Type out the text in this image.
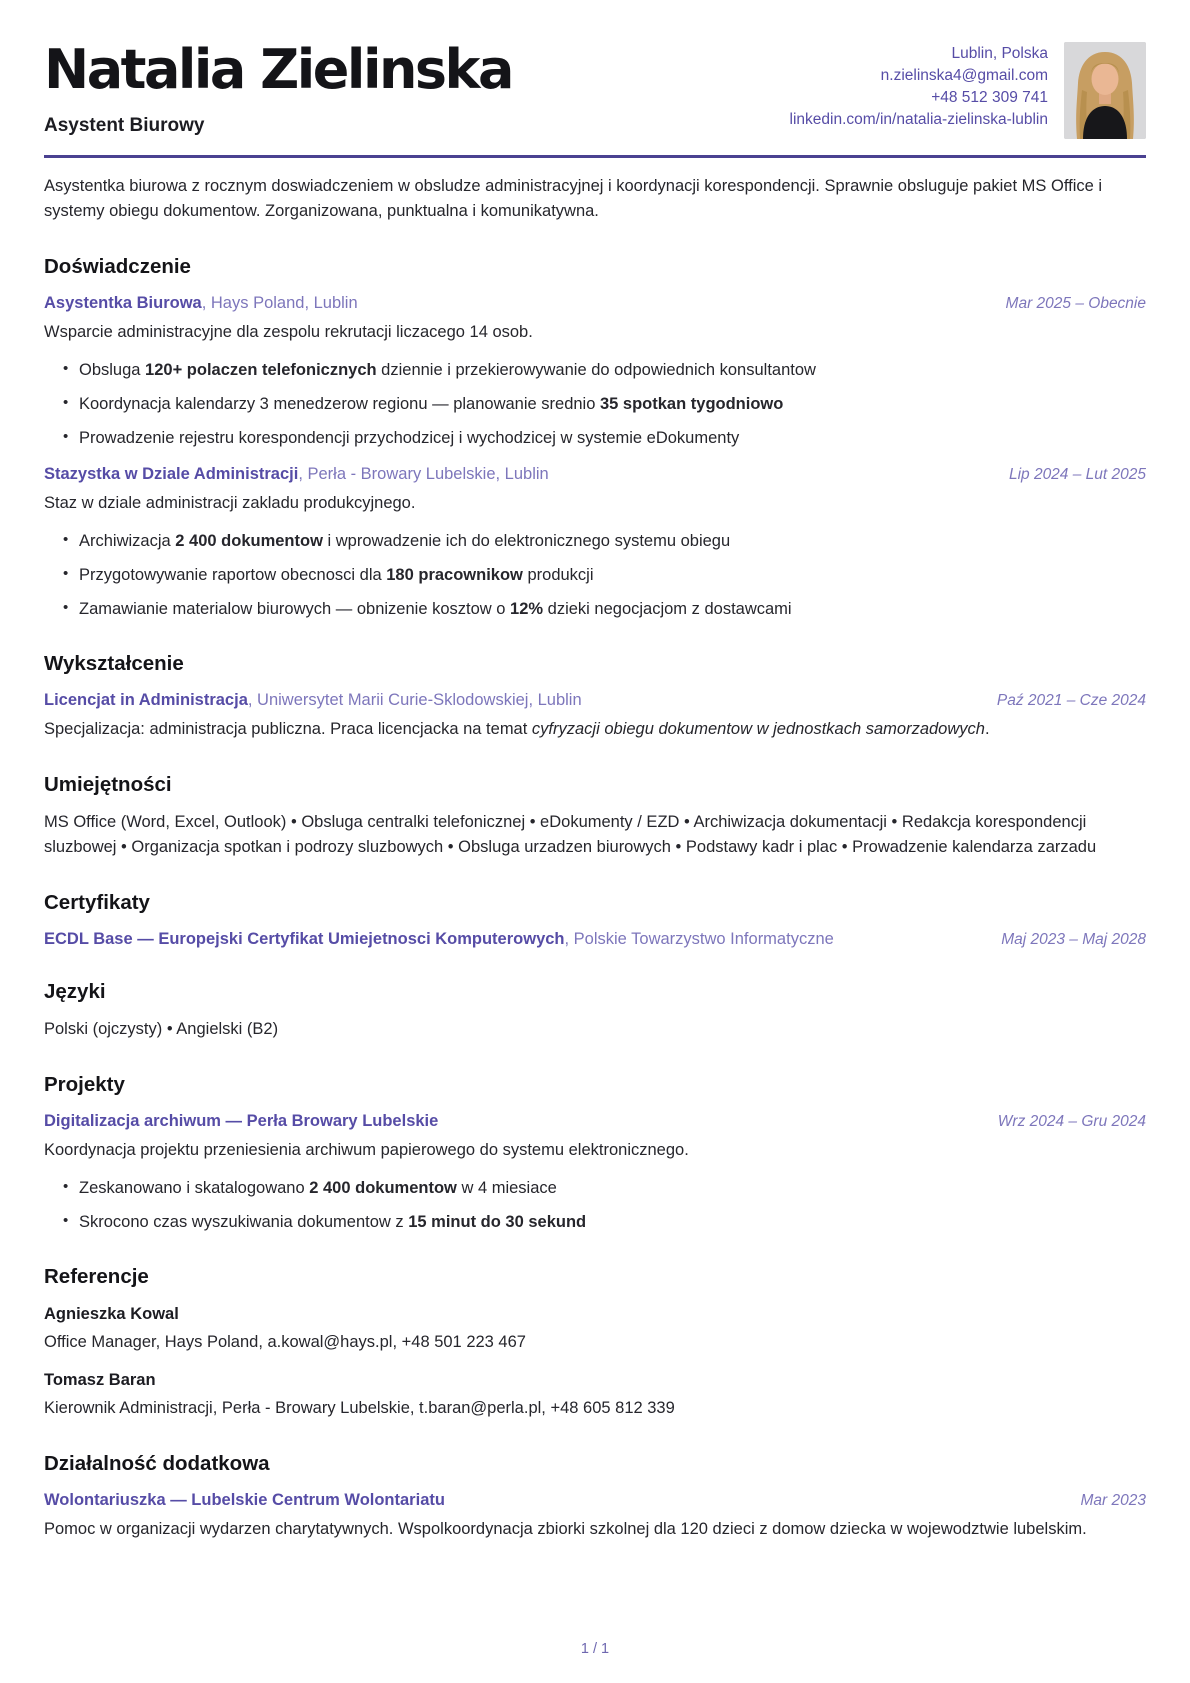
Natalia Zielinska
Asystent Biurowy
Lublin, Polska
n.zielinska4@gmail.com
+48 512 309 741
linkedin.com/in/natalia-zielinska-lublin

Asystentka biurowa z rocznym doswiadczeniem w obsludze administracyjnej i koordynacji korespondencji. Sprawnie obsluguje pakiet MS Office i systemy obiegu dokumentow. Zorganizowana, punktualna i komunikatywna.

Doświadczenie
Asystentka Biurowa, Hays Poland, Lublin	Mar 2025 – Obecnie

Wsparcie administracyjne dla zespolu rekrutacji liczacego 14 osob.

• Obsluga 120+ polaczen telefonicznych dziennie i przekierowywanie do odpowiednich konsultantow
• Koordynacja kalendarzy 3 menedzerow regionu — planowanie srednio 35 spotkan tygodniowo
• Prowadzenie rejestru korespondencji przychodzicej i wychodzicej w systemie eDokumenty
Stazystka w Dziale Administracji, Perła - Browary Lubelskie, Lublin	Lip 2024 – Lut 2025

Staz w dziale administracji zakladu produkcyjnego.

• Archiwizacja 2 400 dokumentow i wprowadzenie ich do elektronicznego systemu obiegu
• Przygotowywanie raportow obecnosci dla 180 pracownikow produkcji
• Zamawianie materialow biurowych — obnizenie kosztow o 12% dzieki negocjacjom z dostawcami
Wykształcenie
Licencjat in Administracja, Uniwersytet Marii Curie-Sklodowskiej, Lublin	Paź 2021 – Cze 2024

Specjalizacja: administracja publiczna. Praca licencjacka na temat cyfryzacji obiegu dokumentow w jednostkach samorzadowych.

Umiejętności

MS Office (Word, Excel, Outlook) • Obsluga centralki telefonicznej • eDokumenty / EZD • Archiwizacja dokumentacji • Redakcja korespondencji sluzbowej • Organizacja spotkan i podrozy sluzbowych • Obsluga urzadzen biurowych • Podstawy kadr i plac • Prowadzenie kalendarza zarzadu

Certyfikaty
ECDL Base — Europejski Certyfikat Umiejetnosci Komputerowych, Polskie Towarzystwo Informatyczne	Maj 2023 – Maj 2028
Języki

Polski (ojczysty) • Angielski (B2)

Projekty
Digitalizacja archiwum — Perła Browary Lubelskie	Wrz 2024 – Gru 2024

Koordynacja projektu przeniesienia archiwum papierowego do systemu elektronicznego.

• Zeskanowano i skatalogowano 2 400 dokumentow w 4 miesiace
• Skrocono czas wyszukiwania dokumentow z 15 minut do 30 sekund
Referencje

Agnieszka Kowal

Office Manager, Hays Poland, a.kowal@hays.pl, +48 501 223 467

Tomasz Baran

Kierownik Administracji, Perła - Browary Lubelskie, t.baran@perla.pl, +48 605 812 339

Działalność dodatkowa
Wolontariuszka — Lubelskie Centrum Wolontariatu	Mar 2023

Pomoc w organizacji wydarzen charytatywnych. Wspolkoordynacja zbiorki szkolnej dla 120 dzieci z domow dziecka w wojewodztwie lubelskim.

1 / 1
